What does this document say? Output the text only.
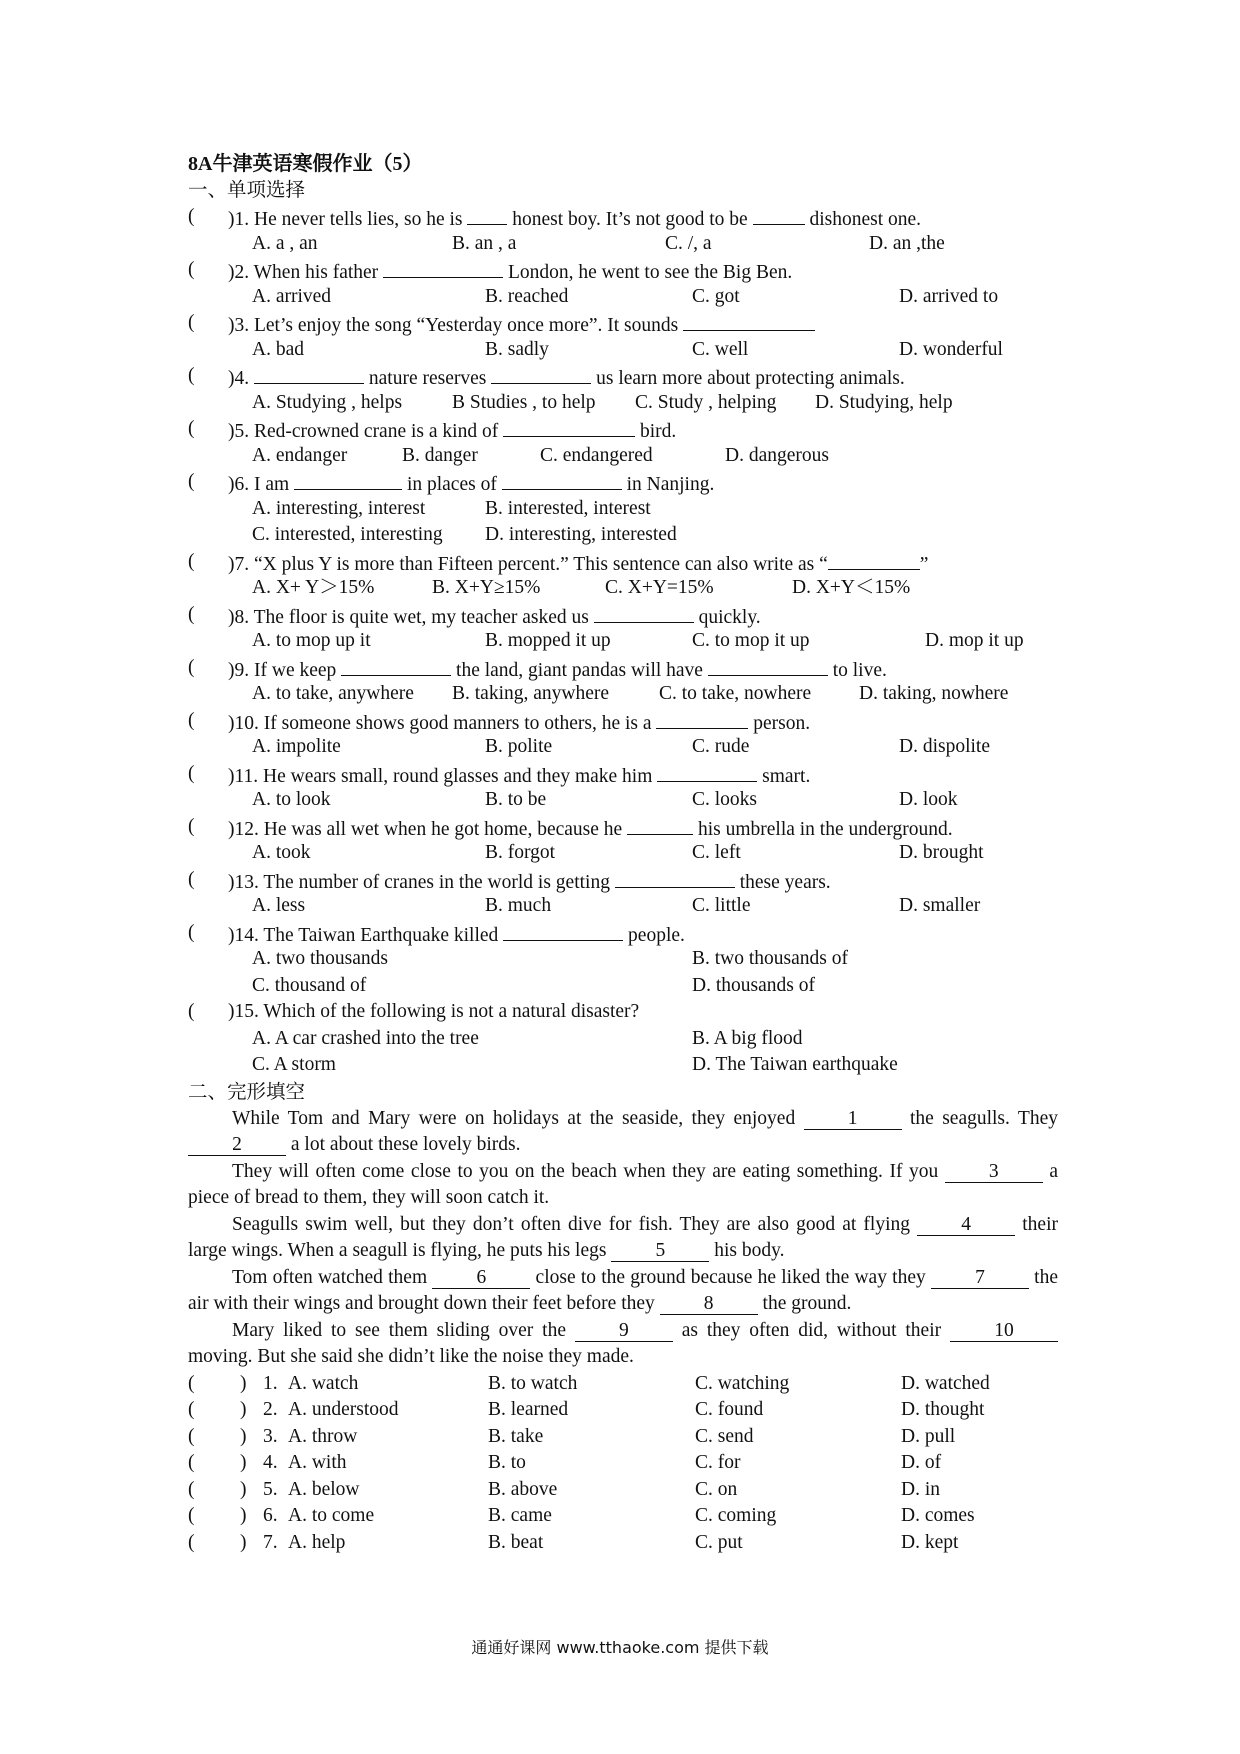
8A牛津英语寒假作业（5）
一、单项选择
( )1. He never tells lies, so he is  honest boy. It’s not good to be	dishonest one.
A. a , an	B. an , a	C. /, a	D. an ,the
( )2. When his father	London, he went to see the Big Ben.
A. arrived	B. reached	C. got	D. arrived to
( )3. Let’s enjoy the song “Yesterday once more”. It sounds
A. bad	B. sadly	C. well	D. wonderful
( )4.	nature reserves	us learn more about protecting animals.
A. Studying , helps	B Studies , to help C. Study , helping D. Studying, help
( )5. Red-crowned crane is a kind of	bird.
A. endanger	B. danger	C. endangered	D. dangerous
( )6. I am	in places of	in Nanjing.
A. interesting, interest	B. interested, interest
C. interested, interesting D. interesting, interested
( )7. “X plus Y is more than Fifteen percent.” This sentence can also write as “	”
A. X+ Y＞15%	B. X+Y≥15%	C. X+Y=15%	D. X+Y＜15%
( )8. The floor is quite wet, my teacher asked us	quickly.
A. to mop up it	B. mopped it up	C. to mop it up	D. mop it up
( )9. If we keep	the land, giant pandas will have	to live.
A. to take, anywhere B. taking, anywhere	C. to take, nowhere D. taking, nowhere
( )10. If someone shows good manners to others, he is a	person.
A. impolite	B. polite	C. rude	D. dispolite
( )11. He wears small, round glasses and they make him	smart.
A. to look	B. to be	C. looks	D. look
( )12. He was all wet when he got home, because he	his umbrella in the underground.
A. took	B. forgot	C. left	D. brought
( )13. The number of cranes in the world is getting	these years.
A. less	B. much	C. little	D. smaller
( )14. The Taiwan Earthquake killed	people.
A. two thousands	B. two thousands of
C. thousand of	D. thousands of
( )15. Which of the following is not a natural disaster?
A. A car crashed into the tree	B. A big flood
C. A storm	D. The Taiwan earthquake
二、完形填空
While Tom and Mary were on holidays at the seaside, they enjoyed 1 the seagulls. They 2 a lot about these lovely birds.
They will often come close to you on the beach when they are eating something. If you 3 a piece of bread to them, they will soon catch it.
Seagulls swim well, but they don’t often dive for fish. They are also good at flying 4 their large wings. When a seagull is flying, he puts his legs 5 his body.
Tom often watched them 6 close to the ground because he liked the way they 7 the air with their wings and brought down their feet before they 8 the ground.
Mary liked to see them sliding over the 9 as they often did, without their 10 moving. But she said she didn’t like the noise they made.
( ) 1. A. watch	B. to watch	C. watching	D. watched
( ) 2. A. understood	B. learned	C. found	D. thought
( ) 3. A. throw	B. take	C. send	D. pull
( ) 4. A. with	B. to	C. for	D. of
( ) 5. A. below	B. above	C. on	D. in
( ) 6. A. to come	B. came	C. coming	D. comes
( ) 7. A. help	B. beat	C. put	D. kept
通通好课网 www.tthaoke.com 提供下载
